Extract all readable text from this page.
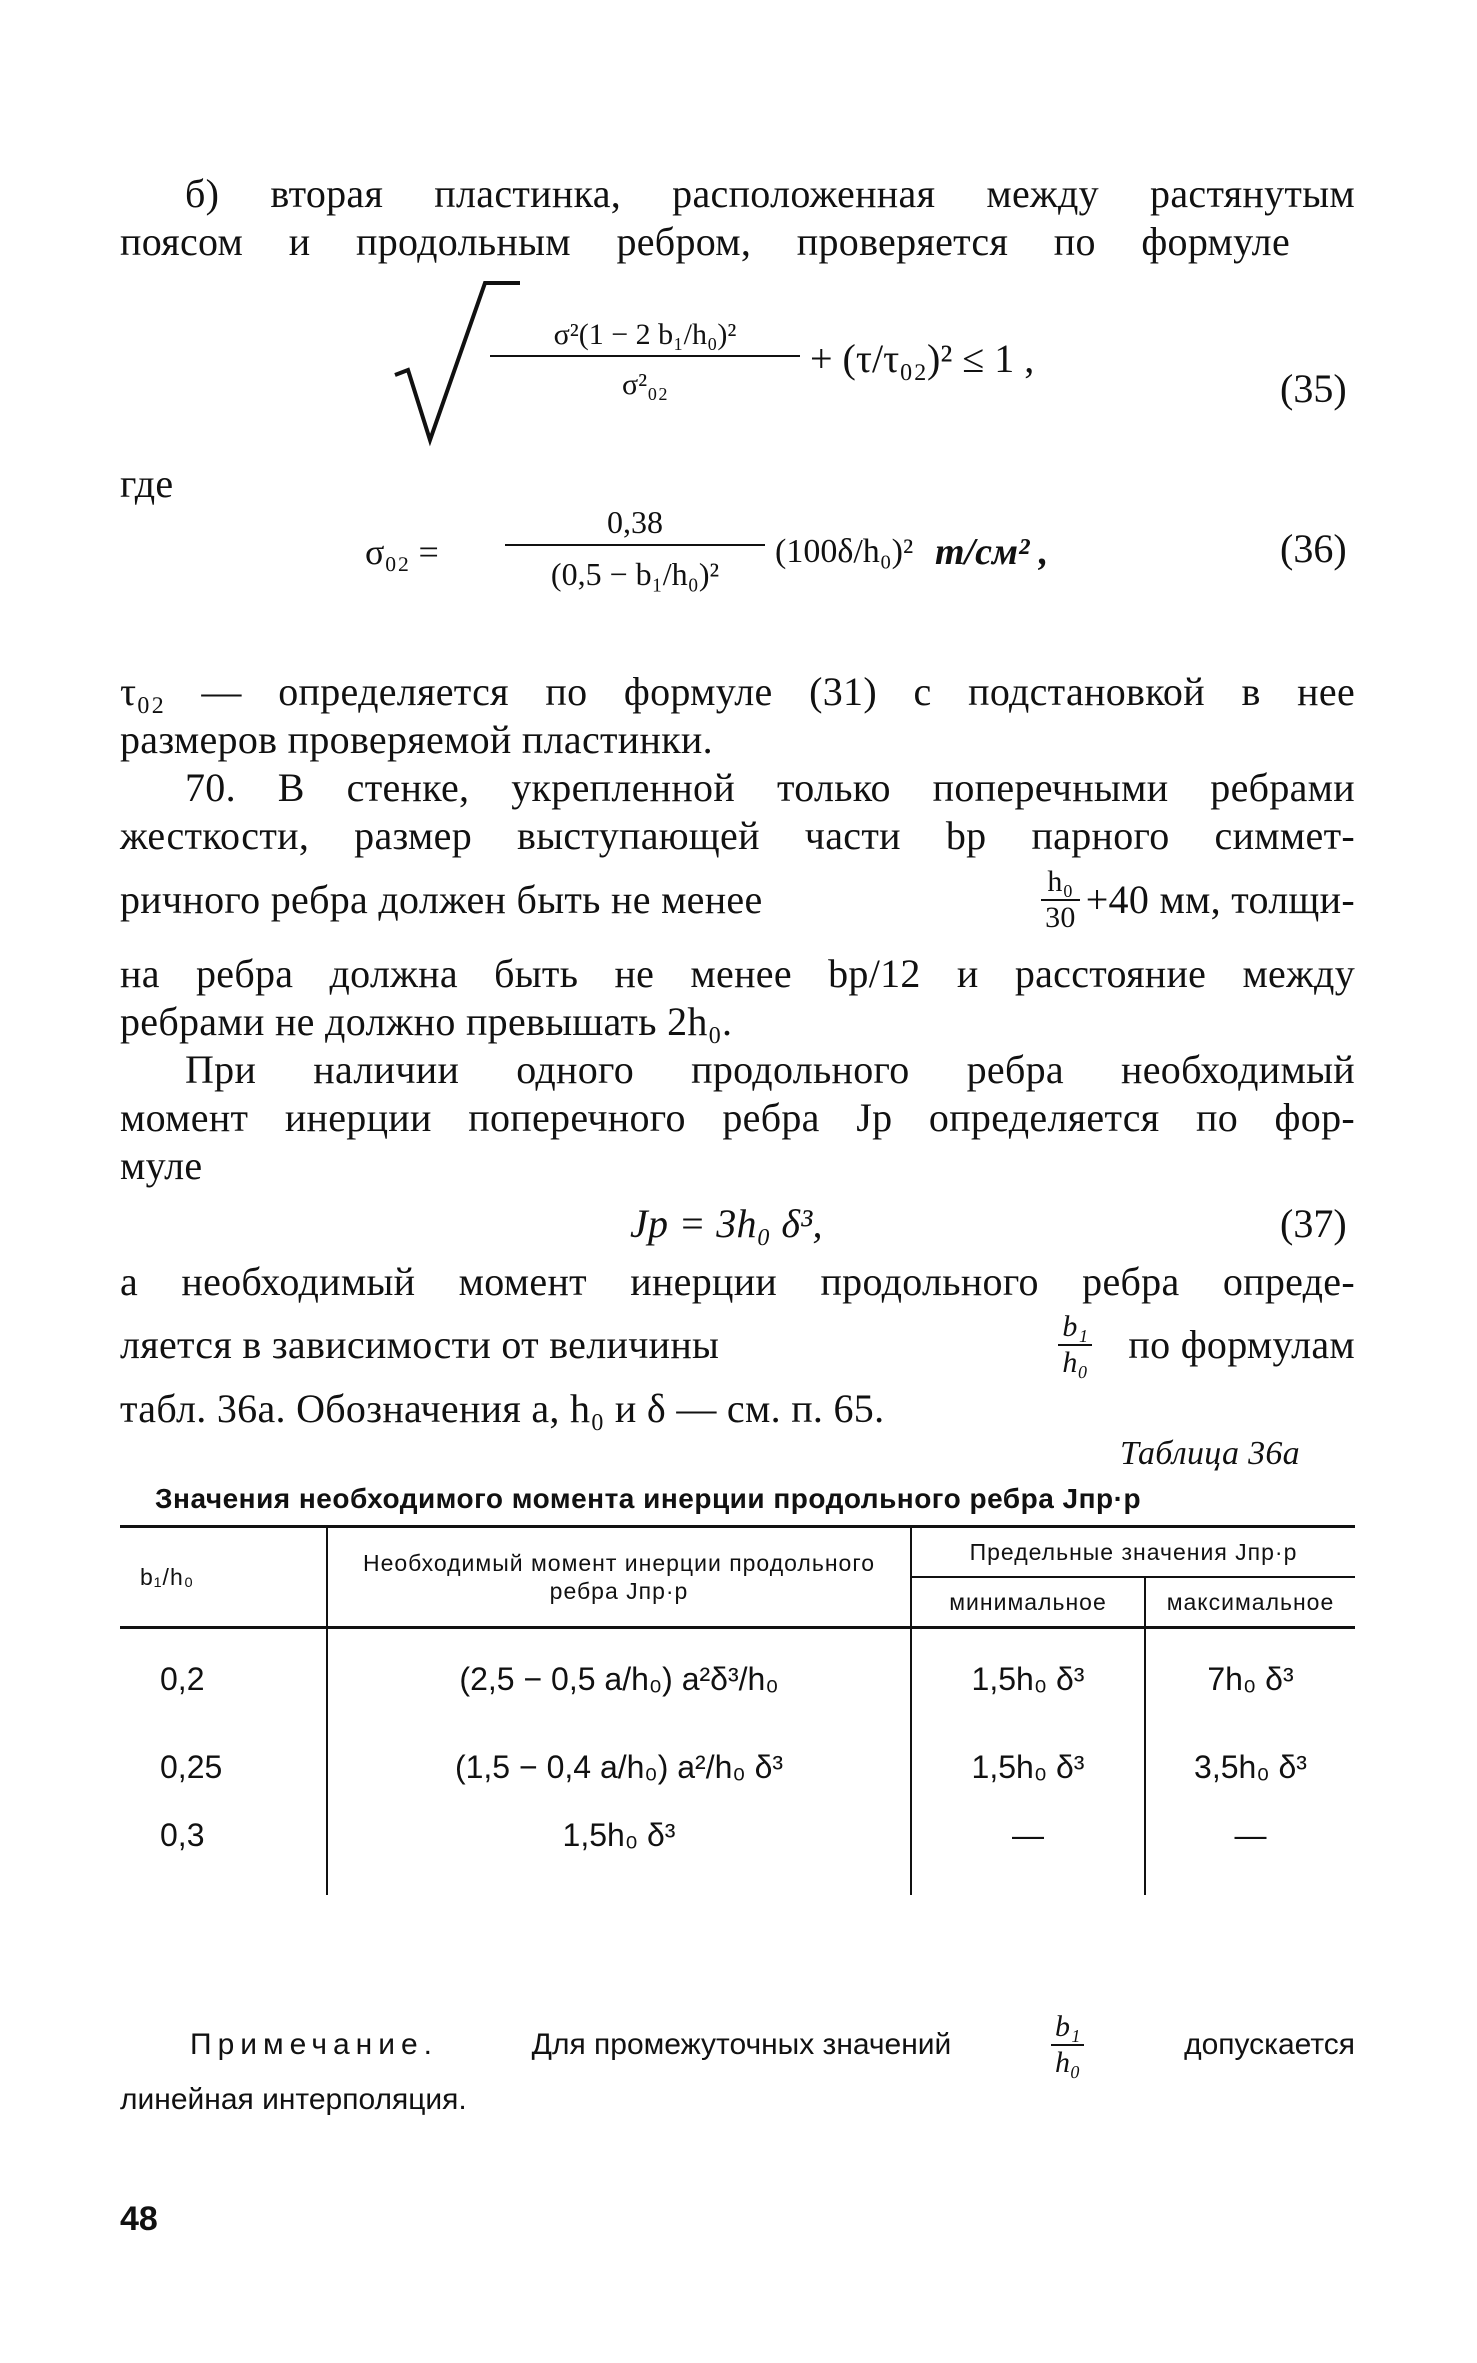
б) вторая пластинка, расположенная между растянутым
поясом и продольным ребром, проверяется по формуле
σ²(1 − 2 b₁/h₀)²
σ²₀₂
+ (τ/τ₀₂)² ≤ 1 ,
(35)
где
σ₀₂ =
0,38
(0,5 − b₁/h₀)²
(100δ/h₀)² т/см² ,	(36)
τ₀₂ — определяется по формуле (31) с подстановкой в нее
размеров проверяемой пластинки.
70. В стенке, укрепленной только поперечными ребрами
жесткости, размер выступающей части bр парного симмет-
ричного ребра должен быть не менее	$\frac{\text{h₀}}{30} +40$ мм, толщи-
на ребра должна быть не менее bр/12 и расстояние между
ребрами не должно превышать 2h₀.
При наличии одного продольного ребра необходимый
момент инерции поперечного ребра Jр определяется по фор-
муле
Jр = 3h₀ δ³,	(37)
а необходимый момент инерции продольного ребра опреде-
ляется в зависимости от величины	$\frac{\text{b₁}}{\text{h₀}}$ по формулам
табл. 36а. Обозначения a, h₀ и δ — см. п. 65.
Таблица 36а
Значения необходимого момента инерции продольного ребра Jпр·р
b₁/h₀	Необходимый момент инерции продольного ребра Jпр·р	Предельные значения Jпр·р	
		минимальное	максимальное
0,2	(2,5 − 0,5 a/h₀) a²δ³/h₀	1,5h₀ δ³	7h₀ δ³
0,25	(1,5 − 0,4 a/h₀) a²/h₀ δ³	1,5h₀ δ³	3,5h₀ δ³
0,3	1,5h₀ δ³	—	—
Примечание.	Для промежуточных значений	$\frac{\text{b₁}}{\text{h₀}}$	допускается
линейная интерполяция.
48
